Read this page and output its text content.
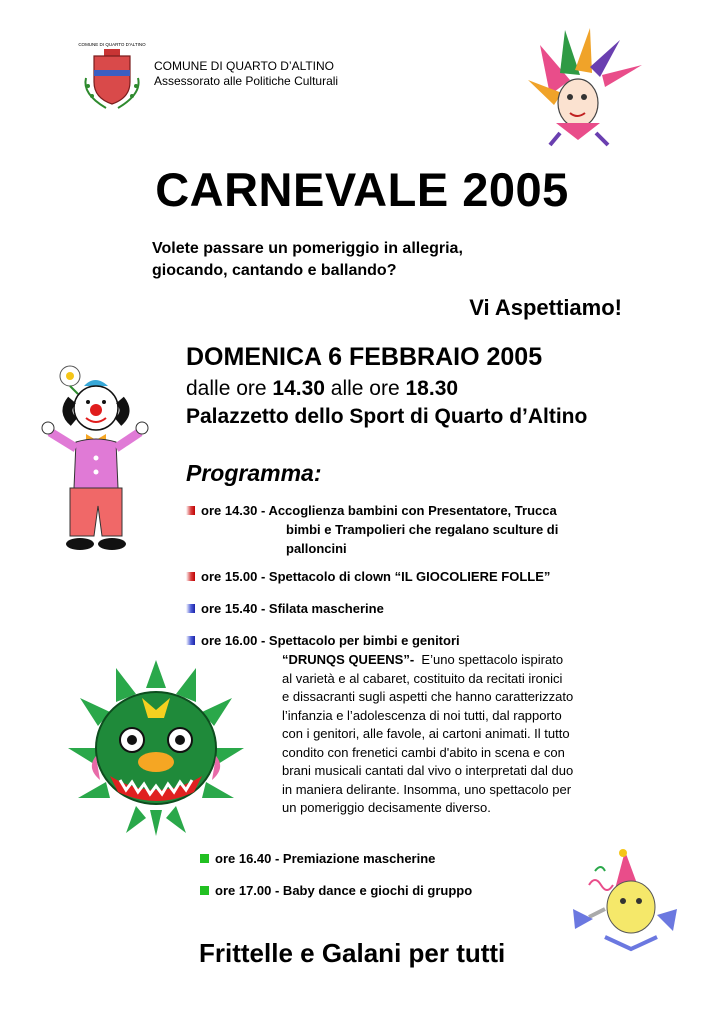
COMUNE DI QUARTO D'ALTINO
COMUNE DI QUARTO D’ALTINO
Assessorato alle Politiche Culturali
CARNEVALE 2005
Volete passare un pomeriggio in allegria,
giocando, cantando e ballando?
Vi Aspettiamo!
DOMENICA 6 FEBBRAIO 2005
dalle ore 14.30 alle ore 18.30
Palazzetto dello Sport di Quarto d’Altino
Programma:
ore 14.30 - Accoglienza bambini con Presentatore, Trucca
bimbi e Trampolieri che regalano sculture di
palloncini
ore 15.00 - Spettacolo di clown “IL GIOCOLIERE FOLLE”
ore 15.40 - Sfilata mascherine
ore 16.00 - Spettacolo per bimbi e genitori
“DRUNQS QUEENS”- E’uno spettacolo ispirato
al varietà e al cabaret, costituito da recitati ironici
e dissacranti sugli aspetti che hanno caratterizzato
l’infanzia e l’adolescenza di noi tutti, dal rapporto
con i genitori, alle favole, ai cartoni animati. Il tutto
condito con frenetici cambi d'abito in scena e con
brani musicali cantati dal vivo o interpretati dal duo
in maniera delirante. Insomma, uno spettacolo per
un pomeriggio decisamente diverso.
ore 16.40 - Premiazione mascherine
ore 17.00 - Baby dance e giochi di gruppo
Frittelle e Galani per tutti
